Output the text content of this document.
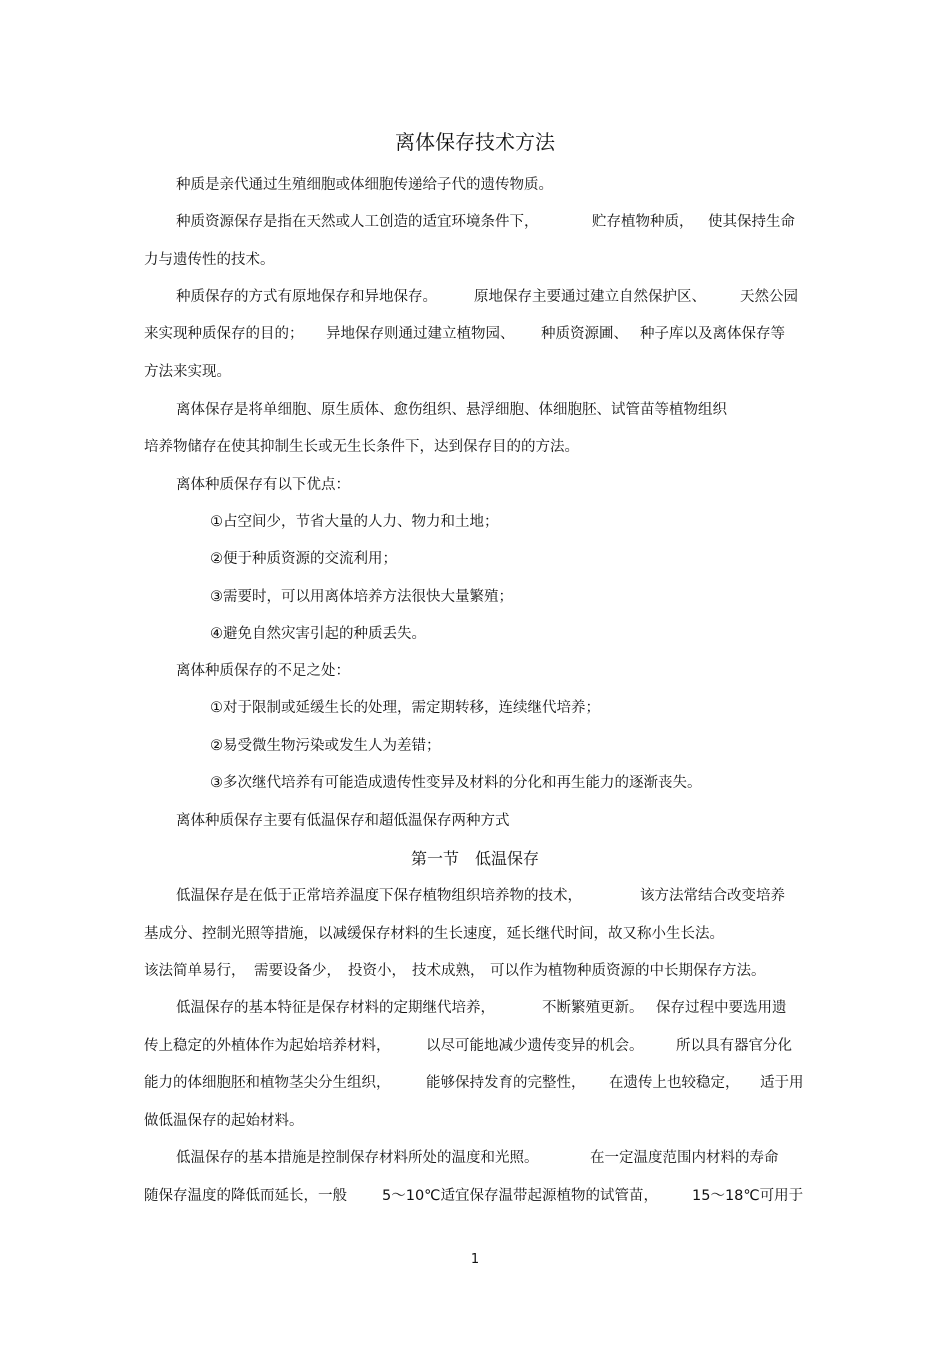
离体保存技术方法
种质是亲代通过生殖细胞或体细胞传递给子代的遗传物质。
种质资源保存是指在天然或人工创造的适宜环境条件下，	贮存植物种质， 使其保持生命
力与遗传性的技术。
种质保存的方式有原地保存和异地保存。	原地保存主要通过建立自然保护区、 天然公园
来实现种质保存的目的； 异地保存则通过建立植物园、 种质资源圃、 种子库以及离体保存等
方法来实现。
离体保存是将单细胞、原生质体、愈伤组织、悬浮细胞、体细胞胚、试管苗等植物组织
培养物储存在使其抑制生长或无生长条件下，达到保存目的的方法。
离体种质保存有以下优点：
①占空间少，节省大量的人力、物力和土地；
②便于种质资源的交流利用；
③需要时，可以用离体培养方法很快大量繁殖；
④避免自然灾害引起的种质丢失。
离体种质保存的不足之处：
①对于限制或延缓生长的处理，需定期转移，连续继代培养；
②易受微生物污染或发生人为差错；
③多次继代培养有可能造成遗传性变异及材料的分化和再生能力的逐渐丧失。
离体种质保存主要有低温保存和超低温保存两种方式
第一节　低温保存
低温保存是在低于正常培养温度下保存植物组织培养物的技术，	该方法常结合改变培养
基成分、控制光照等措施，以减缓保存材料的生长速度，延长继代时间，故又称小生长法。
该法简单易行， 需要设备少， 投资小， 技术成熟， 可以作为植物种质资源的中长期保存方法。
低温保存的基本特征是保存材料的定期继代培养，	不断繁殖更新。 保存过程中要选用遗
传上稳定的外植体作为起始培养材料， 以尽可能地减少遗传变异的机会。 所以具有器官分化
能力的体细胞胚和植物茎尖分生组织， 能够保持发育的完整性， 在遗传上也较稳定， 适于用
做低温保存的起始材料。
低温保存的基本措施是控制保存材料所处的温度和光照。	在一定温度范围内材料的寿命
随保存温度的降低而延长，一般 5～10℃适宜保存温带起源植物的试管苗， 15～18℃可用于
1
